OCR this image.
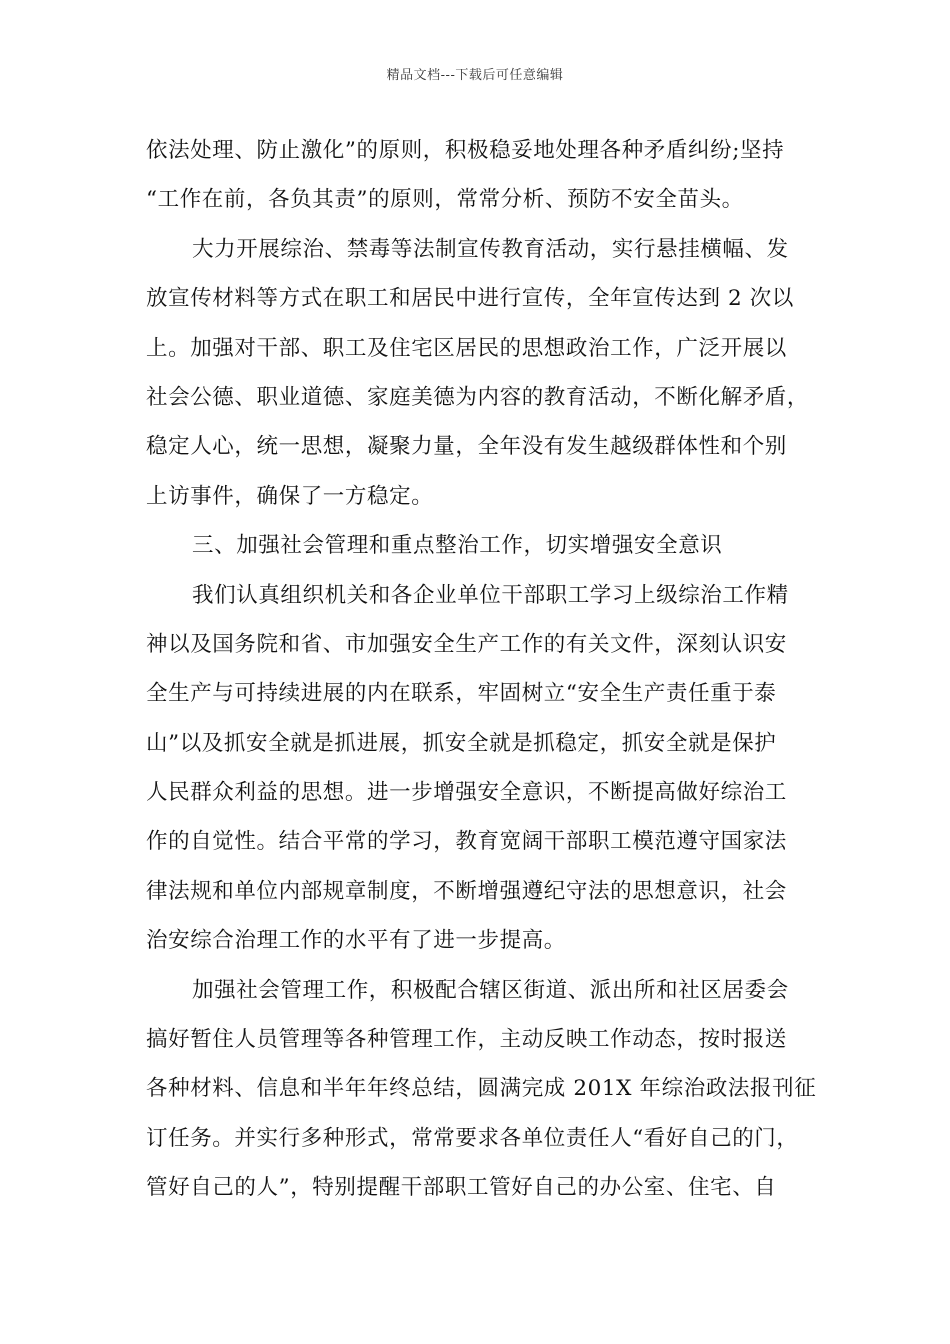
精品文档---下载后可任意编辑
依法处理、防止激化”的原则，积极稳妥地处理各种矛盾纠纷;坚持
“工作在前，各负其责”的原则，常常分析、预防不安全苗头。
大力开展综治、禁毒等法制宣传教育活动，实行悬挂横幅、发
放宣传材料等方式在职工和居民中进行宣传，全年宣传达到 2 次以
上。加强对干部、职工及住宅区居民的思想政治工作，广泛开展以
社会公德、职业道德、家庭美德为内容的教育活动，不断化解矛盾，
稳定人心，统一思想，凝聚力量，全年没有发生越级群体性和个别
上访事件，确保了一方稳定。
三、加强社会管理和重点整治工作，切实增强安全意识
我们认真组织机关和各企业单位干部职工学习上级综治工作精
神以及国务院和省、市加强安全生产工作的有关文件，深刻认识安
全生产与可持续进展的内在联系，牢固树立“安全生产责任重于泰
山”以及抓安全就是抓进展，抓安全就是抓稳定，抓安全就是保护
人民群众利益的思想。进一步增强安全意识，不断提高做好综治工
作的自觉性。结合平常的学习，教育宽阔干部职工模范遵守国家法
律法规和单位内部规章制度，不断增强遵纪守法的思想意识，社会
治安综合治理工作的水平有了进一步提高。
加强社会管理工作，积极配合辖区街道、派出所和社区居委会
搞好暂住人员管理等各种管理工作，主动反映工作动态，按时报送
各种材料、信息和半年年终总结，圆满完成 201X 年综治政法报刊征
订任务。并实行多种形式，常常要求各单位责任人“看好自己的门，
管好自己的人”，特别提醒干部职工管好自己的办公室、住宅、自
